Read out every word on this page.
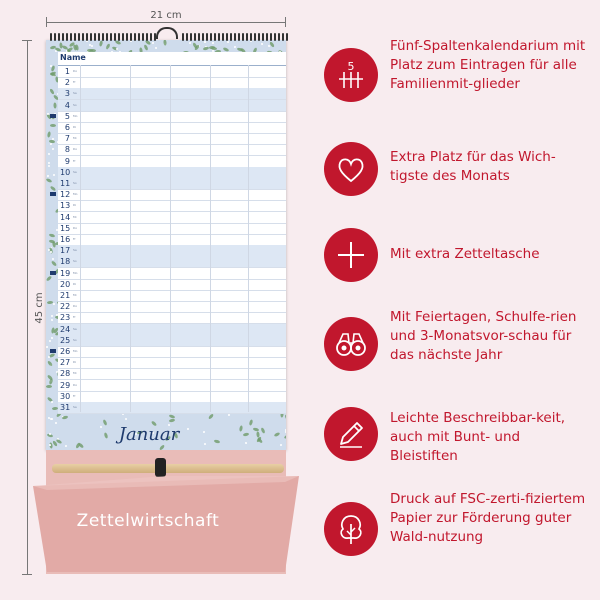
21 cm
45 cm
Name
1 Do
2 Fr
3 Sa
4 So
5 Mo
6 Di
7 Mi
8 Do
9 Fr
10 Sa
11 So
12 Mo
13 Di
14 Mi
15 Do
16 Fr
17 Sa
18 So
19 Mo
20 Di
21 Mi
22 Do
23 Fr
24 Sa
25 So
26 Mo
27 Di
28 Mi
29 Do
30 Fr
31 Sa
Januar
Zettelwirtschaft
5
Fünf-Spaltenkalendarium mit Platz zum Eintragen für alle Familienmit-glieder
Extra Platz für das Wich-tigste des Monats
Mit extra Zetteltasche
Mit Feiertagen, Schulfe-rien und 3-Monatsvor-schau für das nächste Jahr
Leichte Beschreibbar-keit, auch mit Bunt- und Bleistiften
Druck auf FSC-zerti-fiziertem Papier zur Förderung guter Wald-nutzung
